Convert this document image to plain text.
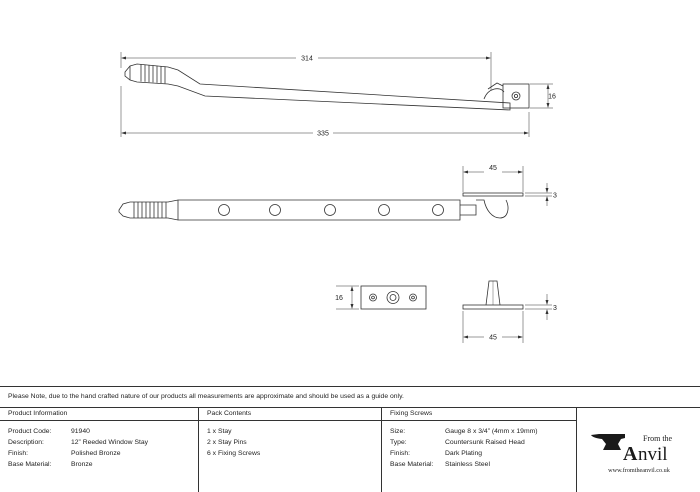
314
335
16
45
3
16
3
45
Please Note, due to the hand crafted nature of our products all measurements are approximate and should be used as a guide only.
Product Information
Product Code:	91940
Description:	12” Reeded Window Stay
Finish:	Polished Bronze
Base Material:	Bronze
Pack Contents
1 x Stay
2 x Stay Pins
6 x Fixing Screws
Fixing Screws
Size:	Gauge 8 x 3/4” (4mm x 19mm)
Type:	Countersunk Raised Head
Finish:	Dark Plating
Base Material: Stainless Steel
From the
A nvil
www.fromtheanvil.co.uk
